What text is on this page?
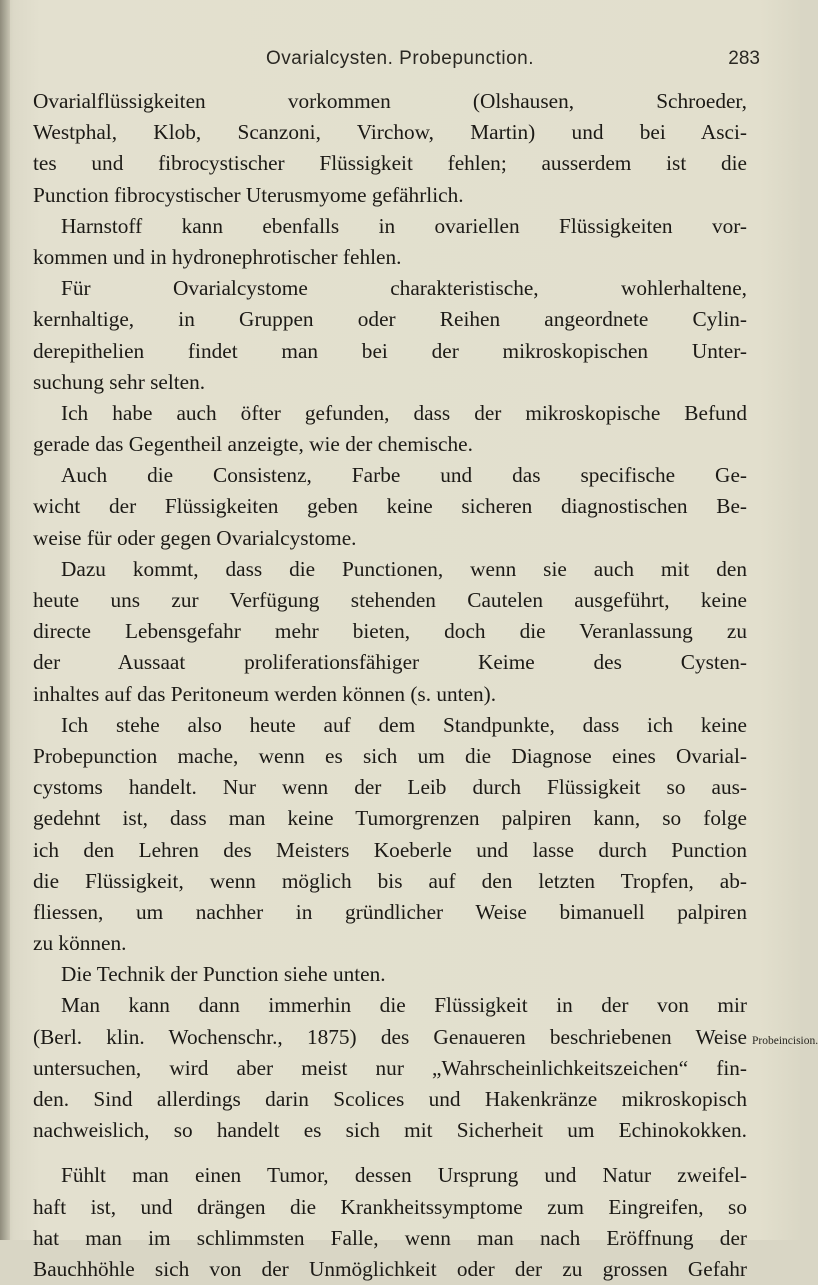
Ovarialcysten. Probepunction.	283
Ovarialflüssigkeiten vorkommen (Olshausen, Schroeder,
Westphal, Klob, Scanzoni, Virchow, Martin) und bei Asci-
tes und fibrocystischer Flüssigkeit fehlen; ausserdem ist die
Punction fibrocystischer Uterusmyome gefährlich.
Harnstoff kann ebenfalls in ovariellen Flüssigkeiten vor-
kommen und in hydronephrotischer fehlen.
Für Ovarialcystome charakteristische, wohlerhaltene,
kernhaltige, in Gruppen oder Reihen angeordnete Cylin-
derepithelien findet man bei der mikroskopischen Unter-
suchung sehr selten.
Ich habe auch öfter gefunden, dass der mikroskopische Befund
gerade das Gegentheil anzeigte, wie der chemische.
Auch die Consistenz, Farbe und das specifische Ge-
wicht der Flüssigkeiten geben keine sicheren diagnostischen Be-
weise für oder gegen Ovarialcystome.
Dazu kommt, dass die Punctionen, wenn sie auch mit den
heute uns zur Verfügung stehenden Cautelen ausgeführt, keine
directe Lebensgefahr mehr bieten, doch die Veranlassung zu
der Aussaat proliferationsfähiger Keime des Cysten-
inhaltes auf das Peritoneum werden können (s. unten).
Ich stehe also heute auf dem Standpunkte, dass ich keine
Probepunction mache, wenn es sich um die Diagnose eines Ovarial-
cystoms handelt. Nur wenn der Leib durch Flüssigkeit so aus-
gedehnt ist, dass man keine Tumorgrenzen palpiren kann, so folge
ich den Lehren des Meisters Koeberle und lasse durch Punction
die Flüssigkeit, wenn möglich bis auf den letzten Tropfen, ab-
fliessen, um nachher in gründlicher Weise bimanuell palpiren
zu können.
Die Technik der Punction siehe unten.
Man kann dann immerhin die Flüssigkeit in der von mir
(Berl. klin. Wochenschr., 1875) des Genaueren beschriebenen Weise
untersuchen, wird aber meist nur „Wahrscheinlichkeitszeichen“ fin-
den. Sind allerdings darin Scolices und Hakenkränze mikroskopisch
nachweislich, so handelt es sich mit Sicherheit um Echinokokken.
Fühlt man einen Tumor, dessen Ursprung und Natur zweifel-
haft ist, und drängen die Krankheitssymptome zum Eingreifen, so
hat man im schlimmsten Falle, wenn man nach Eröffnung der
Bauchhöhle sich von der Unmöglichkeit oder der zu grossen Gefahr
Probeincision.
